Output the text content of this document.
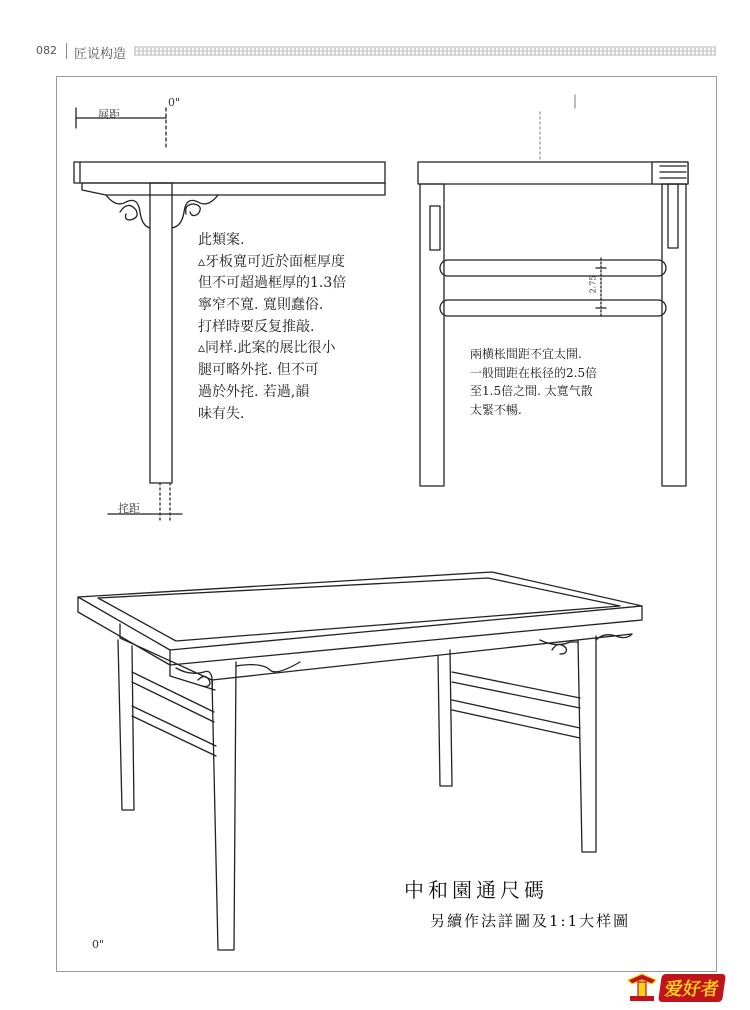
082 匠说构造
展距
0"
挓距
2.75
0"
此類案.
▵牙板寬可近於面框厚度
但不可超過框厚的1.3倍
寧窄不寬. 寬則蠢俗.
打样時要反复推敲.
▵同样.此案的展比很小
腿可略外挓. 但不可
過於外挓. 若過,韻
味有失.
兩横枨間距不宜太開.
一般間距在枨径的2.5倍
至1.5倍之間. 太寬气散
太緊不暢.
中和園通尺碼
另續作法詳圖及1:1大样圖
爱好者
